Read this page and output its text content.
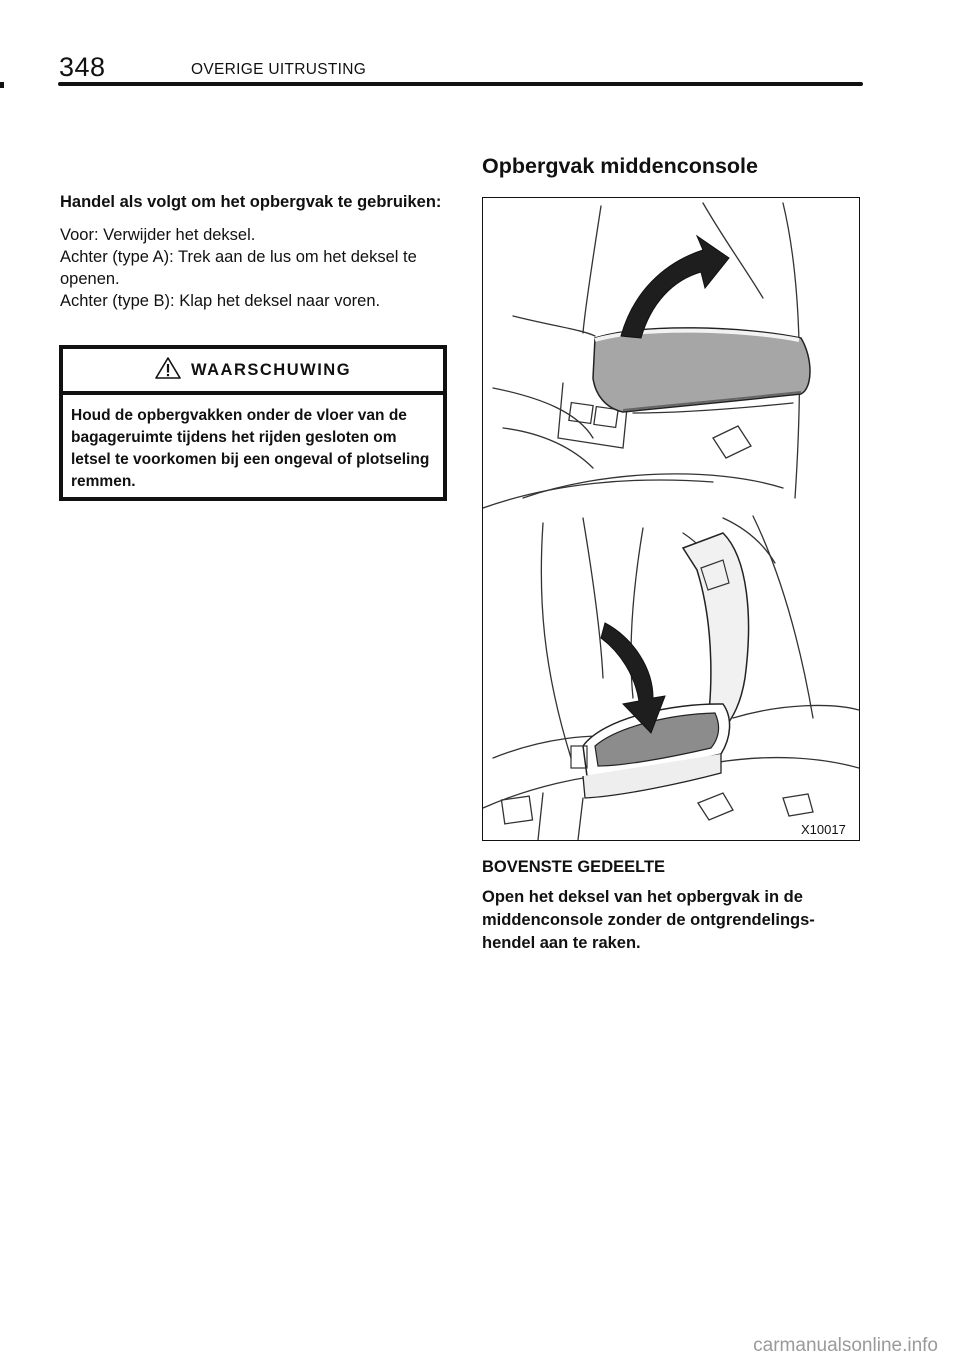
348	OVERIGE UITRUSTING

Handel als volgt om het opbergvak te gebruiken:

Voor: Verwijder het deksel.
Achter (type A): Trek aan de lus om het deksel te openen.
Achter (type B): Klap het deksel naar voren.
WAARSCHUWING
Houd de opbergvakken onder de vloer van de bagageruimte tijdens het rijden gesloten om letsel te voorkomen bij een ongeval of plotseling remmen.
Opbergvak middenconsole
X10017
BOVENSTE GEDEELTE
Open het deksel van het opbergvak in de middenconsole zonder de ontgrendelings-hendel aan te raken.
carmanualsonline.info
